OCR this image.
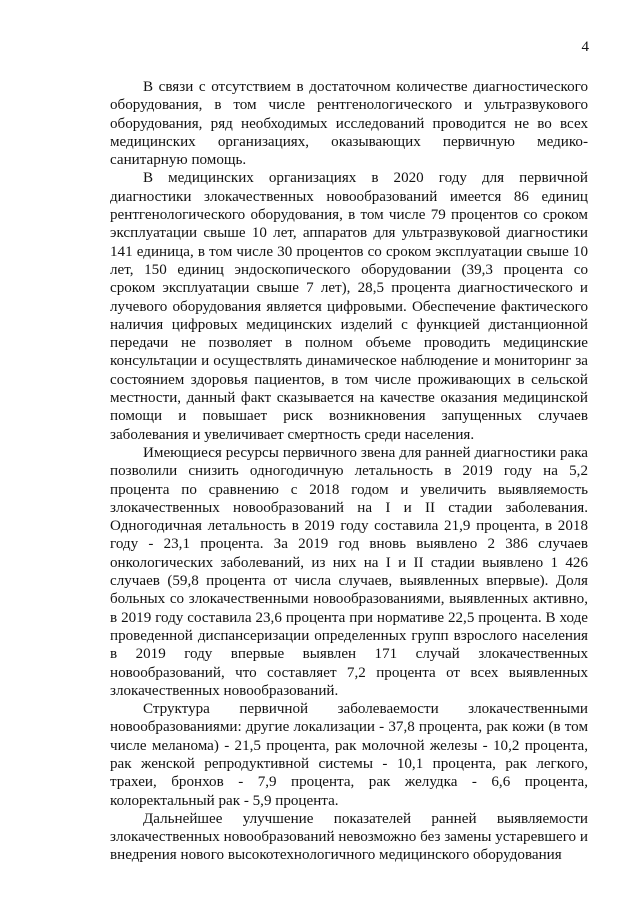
4

В связи с отсутствием в достаточном количестве диагностического оборудования, в том числе рентгенологического и ультразвукового оборудования, ряд необходимых исследований проводится не во всех медицинских организациях, оказывающих первичную медико-санитарную помощь.

В медицинских организациях в 2020 году для первичной диагностики злокачественных новообразований имеется 86 единиц рентгенологического оборудования, в том числе 79 процентов со сроком эксплуатации свыше 10 лет, аппаратов для ультразвуковой диагностики 141 единица, в том числе 30 процентов со сроком эксплуатации свыше 10 лет, 150 единиц эндоскопического оборудовании (39,3 процента со сроком эксплуатации свыше 7 лет), 28,5 процента диагностического и лучевого оборудования является цифровыми. Обеспечение фактического наличия цифровых медицинских изделий с функцией дистанционной передачи не позволяет в полном объеме проводить медицинские консультации и осуществлять динамическое наблюдение и мониторинг за состоянием здоровья пациентов, в том числе проживающих в сельской местности, данный факт сказывается на качестве оказания медицинской помощи и повышает риск возникновения запущенных случаев заболевания и увеличивает смертность среди населения.

Имеющиеся ресурсы первичного звена для ранней диагностики рака позволили снизить одногодичную летальность в 2019 году на 5,2 процента по сравнению с 2018 годом и увеличить выявляемость злокачественных новообразований на I и II стадии заболевания. Одногодичная летальность в 2019 году составила 21,9 процента, в 2018 году - 23,1 процента. За 2019 год вновь выявлено 2 386 случаев онкологических заболеваний, из них на I и II стадии выявлено 1 426 случаев (59,8 процента от числа случаев, выявленных впервые). Доля больных со злокачественными новообразованиями, выявленных активно, в 2019 году составила 23,6 процента при нормативе 22,5 процента. В ходе проведенной диспансеризации определенных групп взрослого населения в 2019 году впервые выявлен 171 случай злокачественных новообразований, что составляет 7,2 процента от всех выявленных злокачественных новообразований.

Структура первичной заболеваемости злокачественными новообразованиями: другие локализации - 37,8 процента, рак кожи (в том числе меланома) - 21,5 процента, рак молочной железы - 10,2 процента, рак женской репродуктивной системы - 10,1 процента, рак легкого, трахеи, бронхов - 7,9 процента, рак желудка - 6,6 процента, колоректальный рак - 5,9 процента.

Дальнейшее улучшение показателей ранней выявляемости злокачественных новообразований невозможно без замены устаревшего и внедрения нового высокотехнологичного медицинского оборудования
